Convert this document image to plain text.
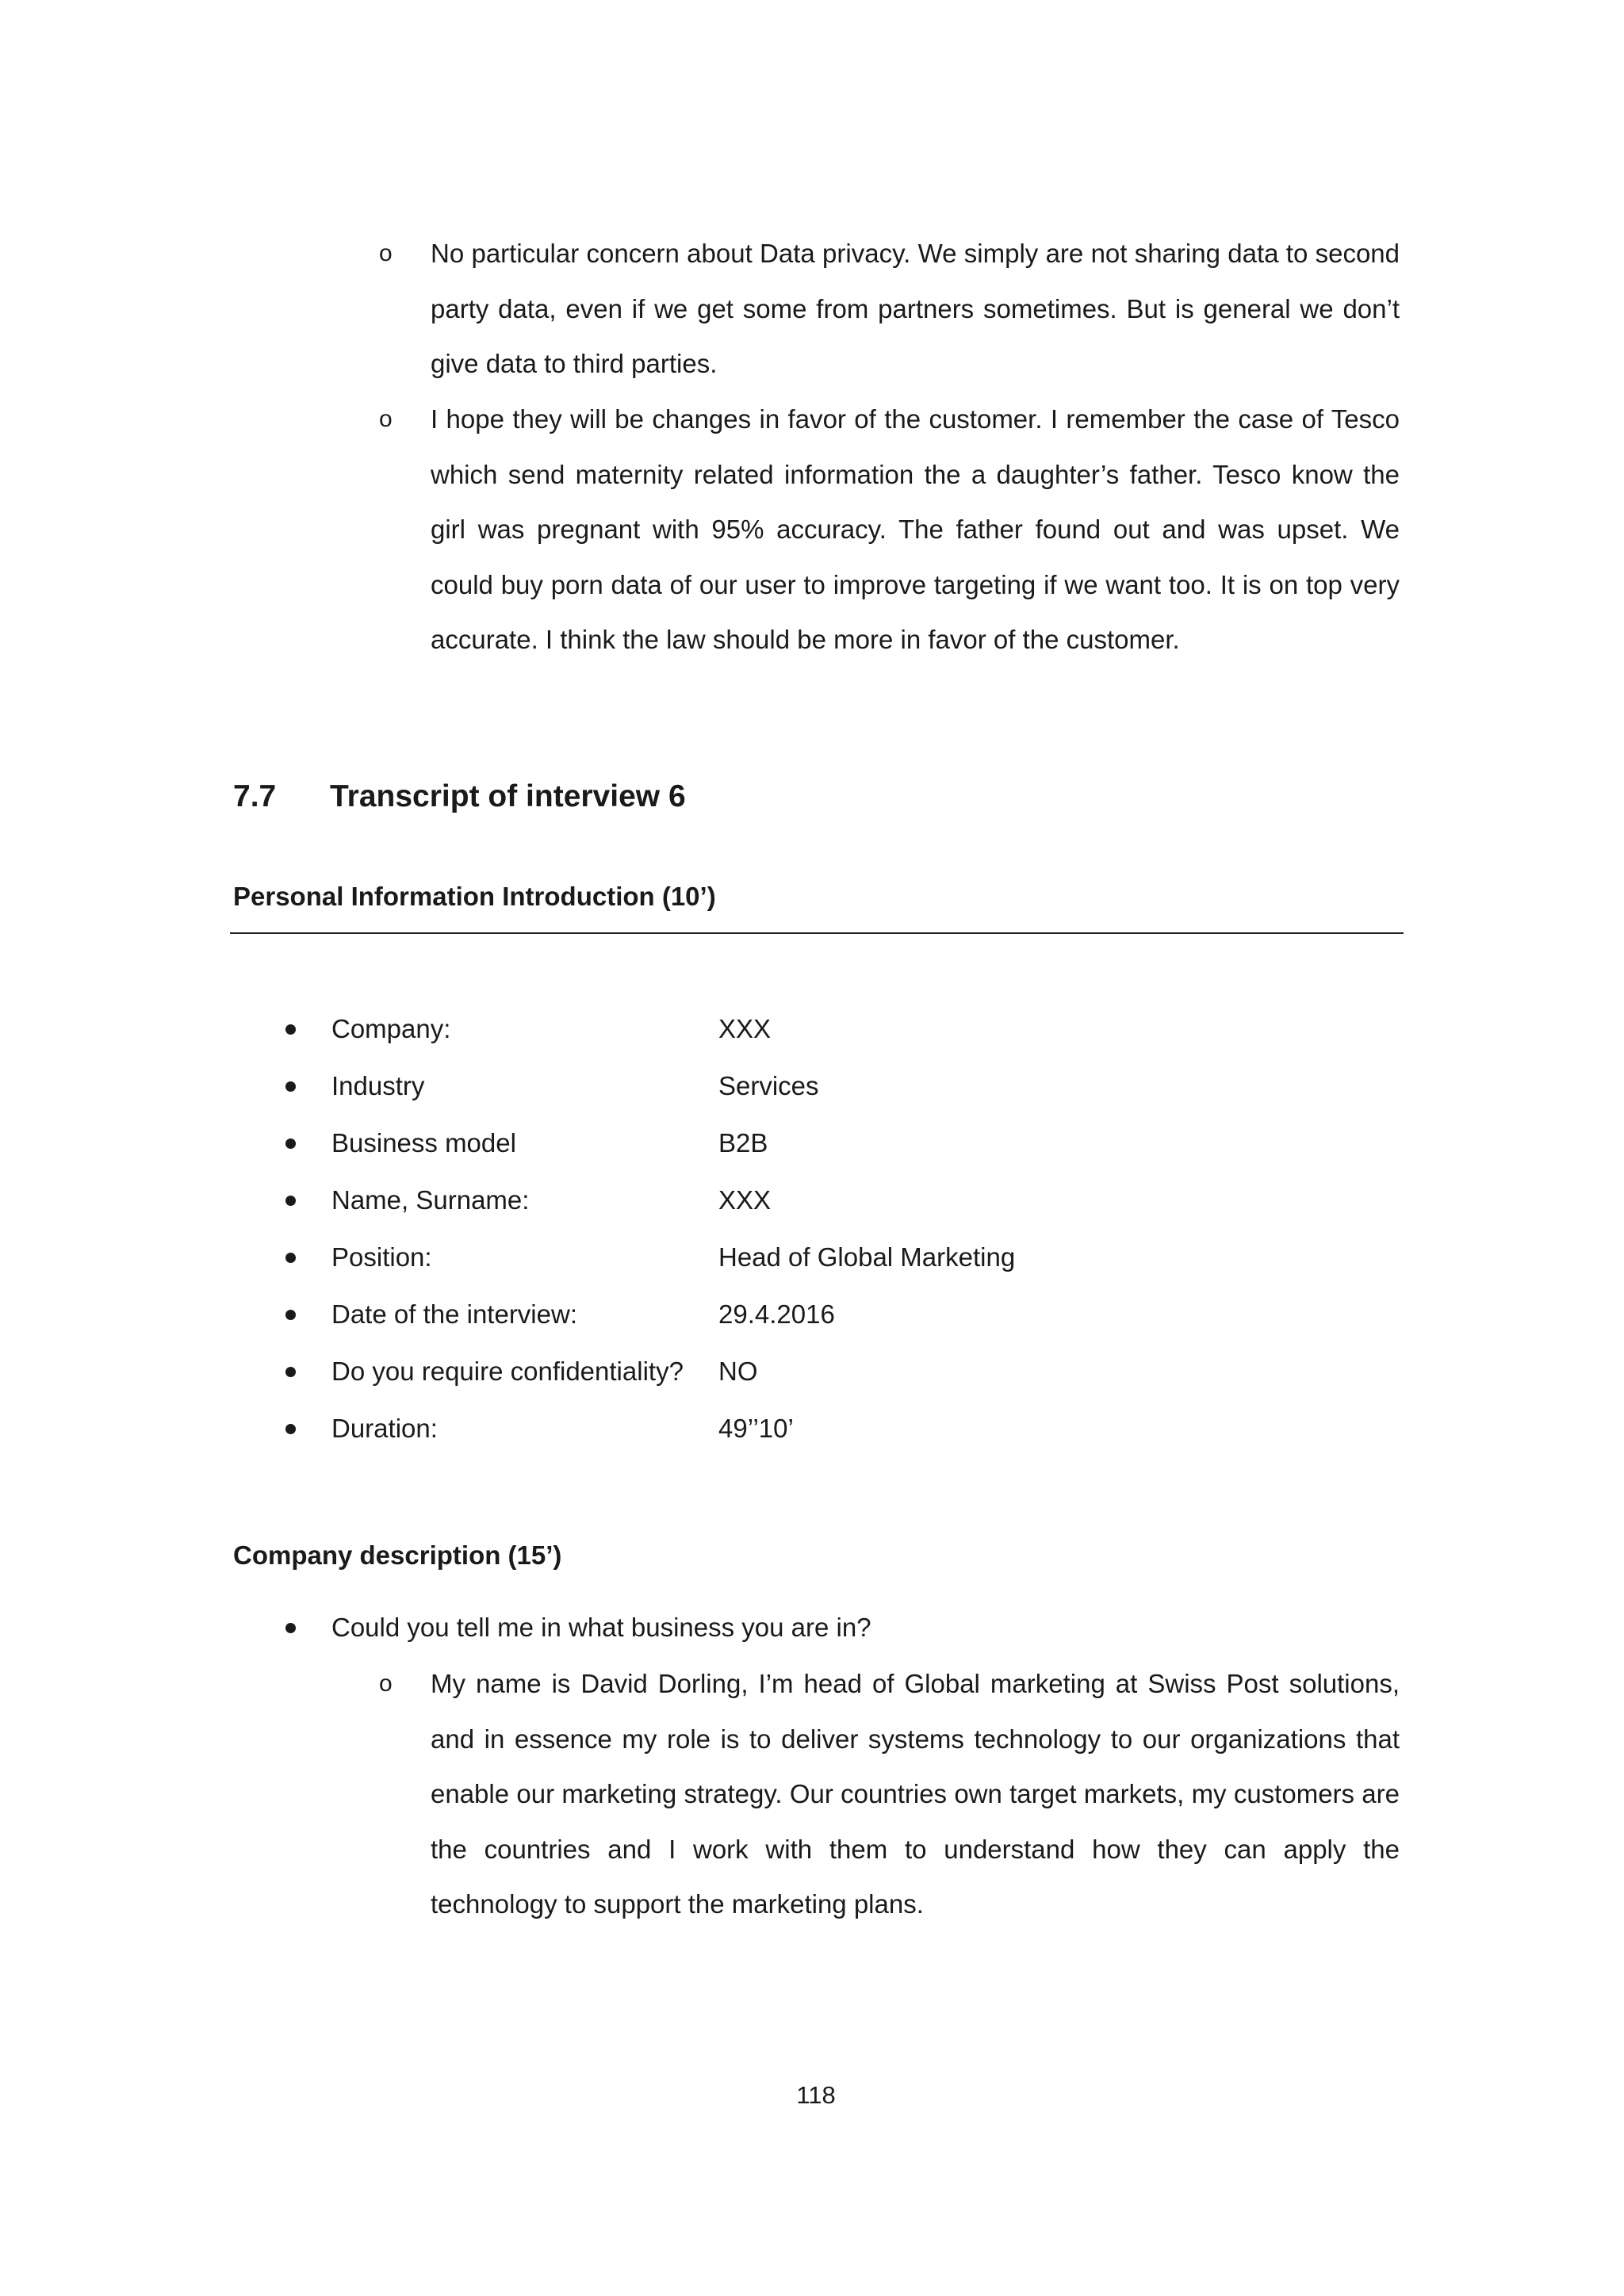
o No particular concern about Data privacy. We simply are not sharing data to second party data, even if we get some from partners sometimes. But is general we don’t give data to third parties.
o I hope they will be changes in favor of the customer. I remember the case of Tesco which send maternity related information the a daughter’s father. Tesco know the girl was pregnant with 95% accuracy. The father found out and was upset. We could buy porn data of our user to improve targeting if we want too. It is on top very accurate. I think the law should be more in favor of the customer.
7.7 Transcript of interview 6
Personal Information Introduction (10’)
Company:	XXX
Industry	Services
Business model	B2B
Name, Surname:	XXX
Position:	Head of Global Marketing
Date of the interview:	29.4.2016
Do you require confidentiality? NO
Duration:	49’’10’
Company description (15’)
Could you tell me in what business you are in?
o My name is David Dorling, I’m head of Global marketing at Swiss Post solutions, and in essence my role is to deliver systems technology to our organizations that enable our marketing strategy. Our countries own target markets, my customers are the countries and I work with them to understand how they can apply the technology to support the marketing plans.
118
